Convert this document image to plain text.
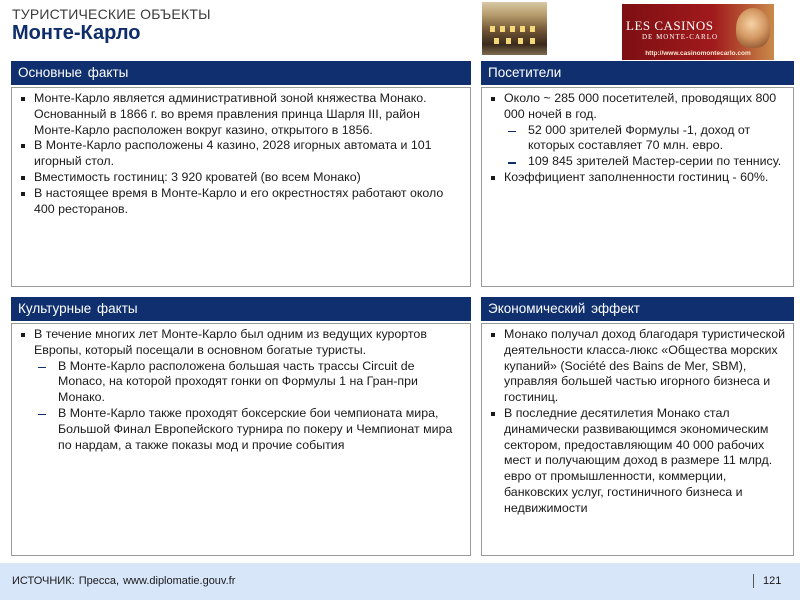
ТУРИСТИЧЕСКИЕ ОБЪЕКТЫ
Монте-Карло	LES CASINOS
DE MONTE-CARLO
http://www.casinomontecarlo.com
Основные факты

Монте-Карло является административной зоной княжества Монако. Основанный в 1866 г. во время правления принца Шарля III, район Монте-Карло расположен вокруг казино, открытого в 1856.

В Монте-Карло расположены 4 казино, 2028 игорных автомата и 101 игорный стол.

Вместимость гостиниц: 3 920 кроватей (во всем Монако)

В настоящее время в Монте-Карло и его окрестностях работают около 400 ресторанов.

Посетители

Около ~ 285 000 посетителей, проводящих 800 000 ночей в год.

52 000 зрителей Формулы -1, доход от которых составляет 70 млн. евро.

109 845 зрителей Мастер-серии по теннису.

Коэффициент заполненности гостиниц - 60%.

Культурные факты

В течение многих лет Монте-Карло был одним из ведущих курортов Европы, который посещали в основном богатые туристы.

В Монте-Карло расположена большая часть трассы Circuit de Monaco, на которой проходят гонки оп Формулы 1 на Гран-при Монако.

В Монте-Карло также проходят боксерские бои чемпионата мира, Большой Финал Европейского турнира по покеру и Чемпионат мира по нардам, а также показы мод и прочие события

Экономический эффект

Монако получал доход благодаря туристической деятельности класса-люкс «Общества морских купаний» (Société des Bains de Mer, SBM), управляя большей частью игорного бизнеса и гостиниц.

В последние десятилетия Монако стал динамически развивающимся экономическим сектором, предоставляющим 40 000 рабочих мест и получающим доход в размере 11 млрд. евро от промышленности, коммерции, банковских услуг, гостиничного бизнеса и недвижимости

ИСТОЧНИК: Пресса, www.diplomatie.gouv.fr	121
